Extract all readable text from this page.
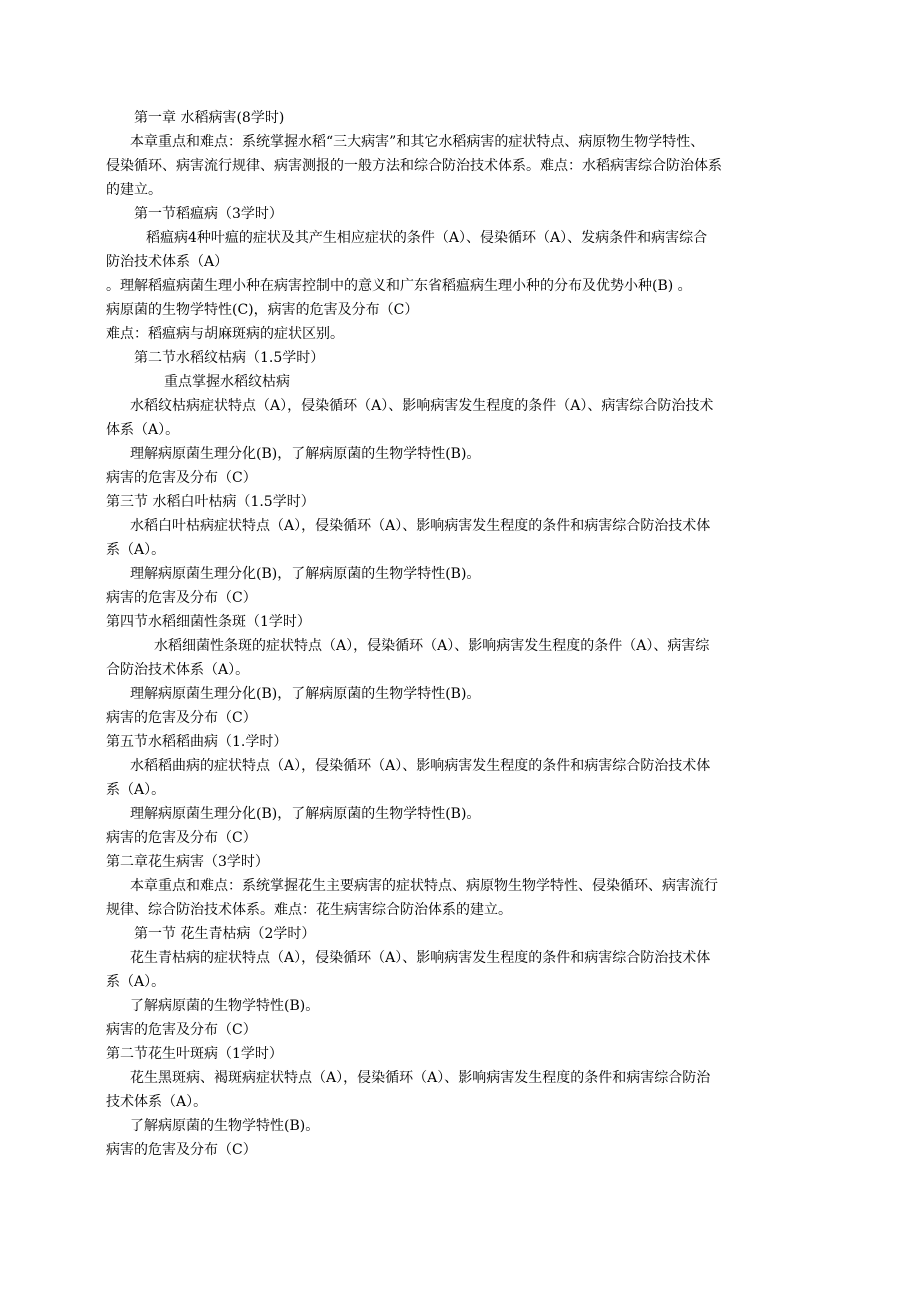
第一章 水稻病害(8学时)
本章重点和难点：系统掌握水稻“三大病害”和其它水稻病害的症状特点、病原物生物学特性、
侵染循环、病害流行规律、病害测报的一般方法和综合防治技术体系。难点：水稻病害综合防治体系
的建立。
第一节稻瘟病（3学时）
稻瘟病4种叶瘟的症状及其产生相应症状的条件（A）、侵染循环（A）、发病条件和病害综合
防治技术体系（A）
。理解稻瘟病菌生理小种在病害控制中的意义和广东省稻瘟病生理小种的分布及优势小种(B) 。
病原菌的生物学特性(C)，病害的危害及分布（C）
难点：稻瘟病与胡麻斑病的症状区别。
第二节水稻纹枯病（1.5学时）
重点掌握水稻纹枯病
水稻纹枯病症状特点（A），侵染循环（A）、影响病害发生程度的条件（A）、病害综合防治技术
体系（A）。
理解病原菌生理分化(B)，了解病原菌的生物学特性(B)。
病害的危害及分布（C）
第三节 水稻白叶枯病（1.5学时）
水稻白叶枯病症状特点（A），侵染循环（A）、影响病害发生程度的条件和病害综合防治技术体
系（A）。
理解病原菌生理分化(B)，了解病原菌的生物学特性(B)。
病害的危害及分布（C）
第四节水稻细菌性条斑（1学时）
水稻细菌性条斑的症状特点（A），侵染循环（A）、影响病害发生程度的条件（A）、病害综
合防治技术体系（A）。
理解病原菌生理分化(B)，了解病原菌的生物学特性(B)。
病害的危害及分布（C）
第五节水稻稻曲病（1.学时）
水稻稻曲病的症状特点（A），侵染循环（A）、影响病害发生程度的条件和病害综合防治技术体
系（A）。
理解病原菌生理分化(B)，了解病原菌的生物学特性(B)。
病害的危害及分布（C）
第二章花生病害（3学时）
本章重点和难点：系统掌握花生主要病害的症状特点、病原物生物学特性、侵染循环、病害流行
规律、综合防治技术体系。难点：花生病害综合防治体系的建立。
第一节 花生青枯病（2学时）
花生青枯病的症状特点（A），侵染循环（A）、影响病害发生程度的条件和病害综合防治技术体
系（A）。
了解病原菌的生物学特性(B)。
病害的危害及分布（C）
第二节花生叶斑病（1学时）
花生黑斑病、褐斑病症状特点（A），侵染循环（A）、影响病害发生程度的条件和病害综合防治
技术体系（A）。
了解病原菌的生物学特性(B)。
病害的危害及分布（C）
